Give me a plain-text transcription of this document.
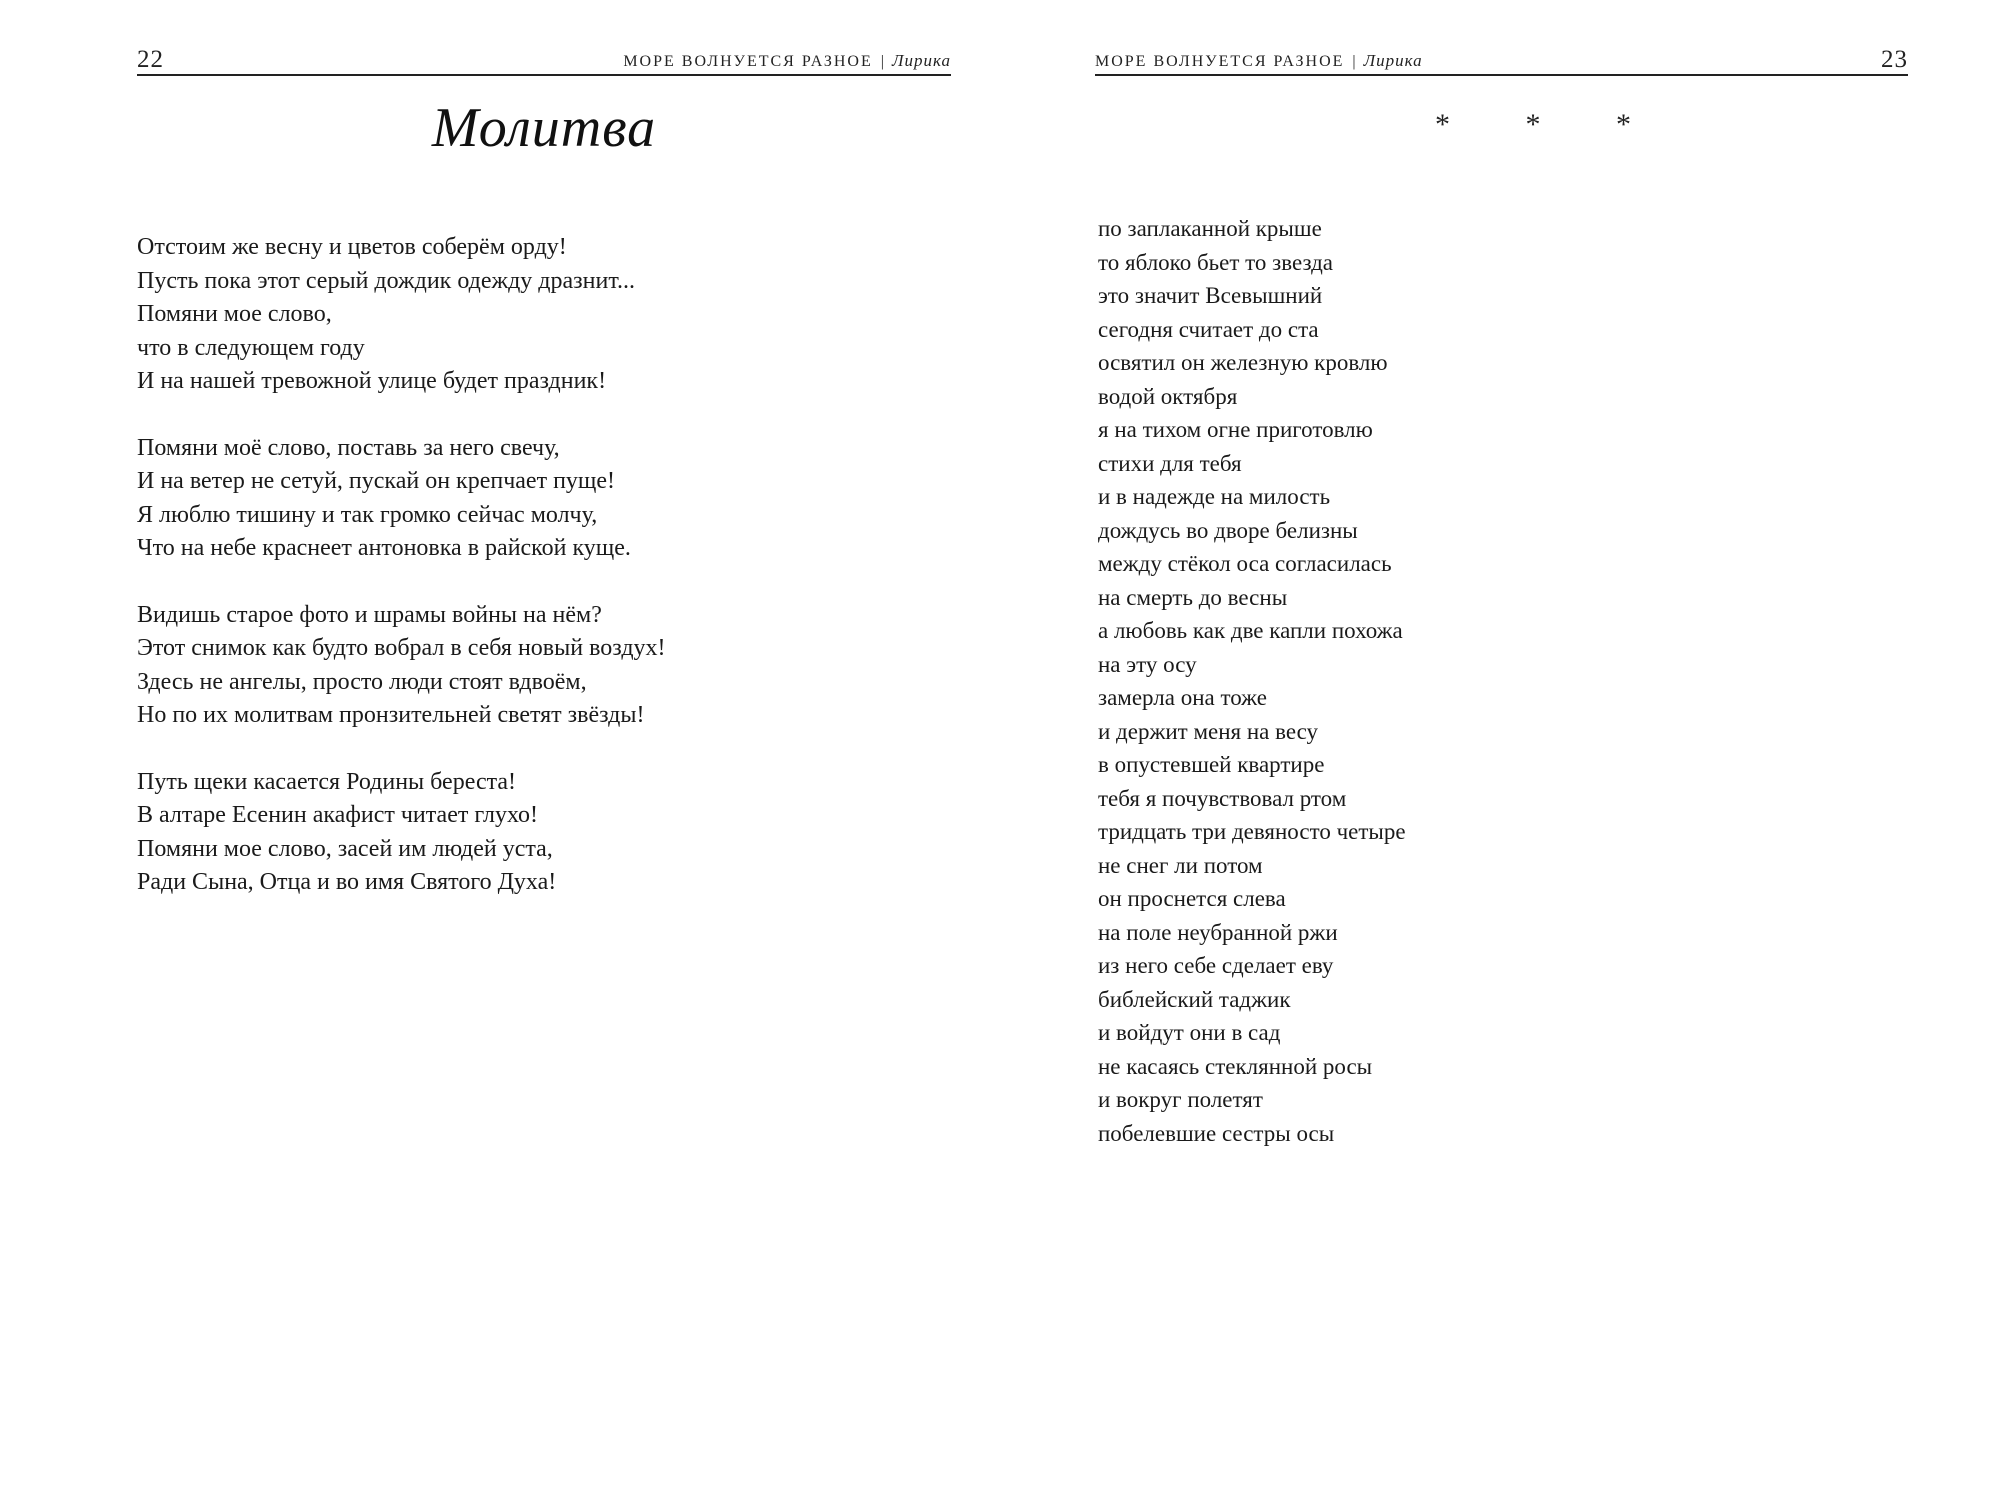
22	МОРЕ ВОЛНУЕТСЯ РАЗНОЕ | Лирика
Молитва
Отстоим же весну и цветов соберём орду!
Пусть пока этот серый дождик одежду дразнит...
Помяни мое слово,
что в следующем году
И на нашей тревожной улице будет праздник!
Помяни моё слово, поставь за него свечу,
И на ветер не сетуй, пускай он крепчает пуще!
Я люблю тишину и так громко сейчас молчу,
Что на небе краснеет антоновка в райской куще.
Видишь старое фото и шрамы войны на нём?
Этот снимок как будто вобрал в себя новый воздух!
Здесь не ангелы, просто люди стоят вдвоём,
Но по их молитвам пронзительней светят звёзды!
Путь щеки касается Родины береста!
В алтаре Есенин акафист читает глухо!
Помяни мое слово, засей им людей уста,
Ради Сына, Отца и во имя Святого Духа!
МОРЕ ВОЛНУЕТСЯ РАЗНОЕ | Лирика	23
* * *
по заплаканной крыше
то яблоко бьет то звезда
это значит Всевышний
сегодня считает до ста
освятил он железную кровлю
водой октября
я на тихом огне приготовлю
стихи для тебя
и в надежде на милость
дождусь во дворе белизны
между стёкол оса согласилась
на смерть до весны
а любовь как две капли похожа
на эту осу
замерла она тоже
и держит меня на весу
в опустевшей квартире
тебя я почувствовал ртом
тридцать три девяносто четыре
не снег ли потом
он проснется слева
на поле неубранной ржи
из него себе сделает еву
библейский таджик
и войдут они в сад
не касаясь стеклянной росы
и вокруг полетят
побелевшие сестры осы
